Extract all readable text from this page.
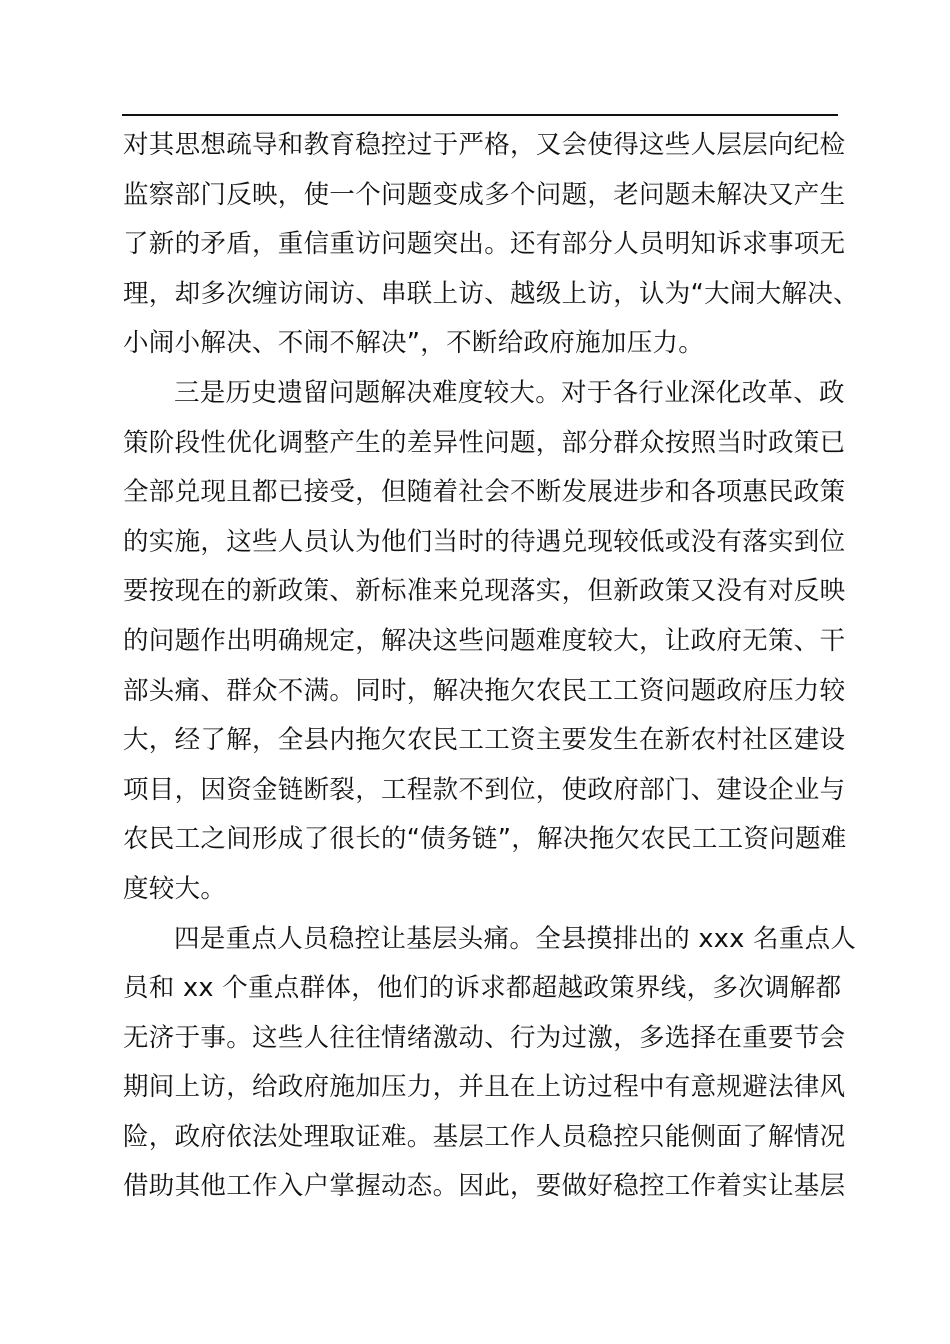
对其思想疏导和教育稳控过于严格，又会使得这些人层层向纪检
监察部门反映，使一个问题变成多个问题，老问题未解决又产生
了新的矛盾，重信重访问题突出。还有部分人员明知诉求事项无
理，却多次缠访闹访、串联上访、越级上访，认为“大闹大解决、
小闹小解决、不闹不解决”，不断给政府施加压力。
三是历史遗留问题解决难度较大。对于各行业深化改革、政
策阶段性优化调整产生的差异性问题，部分群众按照当时政策已
全部兑现且都已接受，但随着社会不断发展进步和各项惠民政策
的实施，这些人员认为他们当时的待遇兑现较低或没有落实到位
要按现在的新政策、新标准来兑现落实，但新政策又没有对反映
的问题作出明确规定，解决这些问题难度较大，让政府无策、干
部头痛、群众不满。同时，解决拖欠农民工工资问题政府压力较
大，经了解，全县内拖欠农民工工资主要发生在新农村社区建设
项目，因资金链断裂，工程款不到位，使政府部门、建设企业与
农民工之间形成了很长的“债务链”，解决拖欠农民工工资问题难
度较大。
四是重点人员稳控让基层头痛。全县摸排出的 xxx 名重点人
员和 xx 个重点群体，他们的诉求都超越政策界线，多次调解都
无济于事。这些人往往情绪激动、行为过激，多选择在重要节会
期间上访，给政府施加压力，并且在上访过程中有意规避法律风
险，政府依法处理取证难。基层工作人员稳控只能侧面了解情况
借助其他工作入户掌握动态。因此，要做好稳控工作着实让基层
